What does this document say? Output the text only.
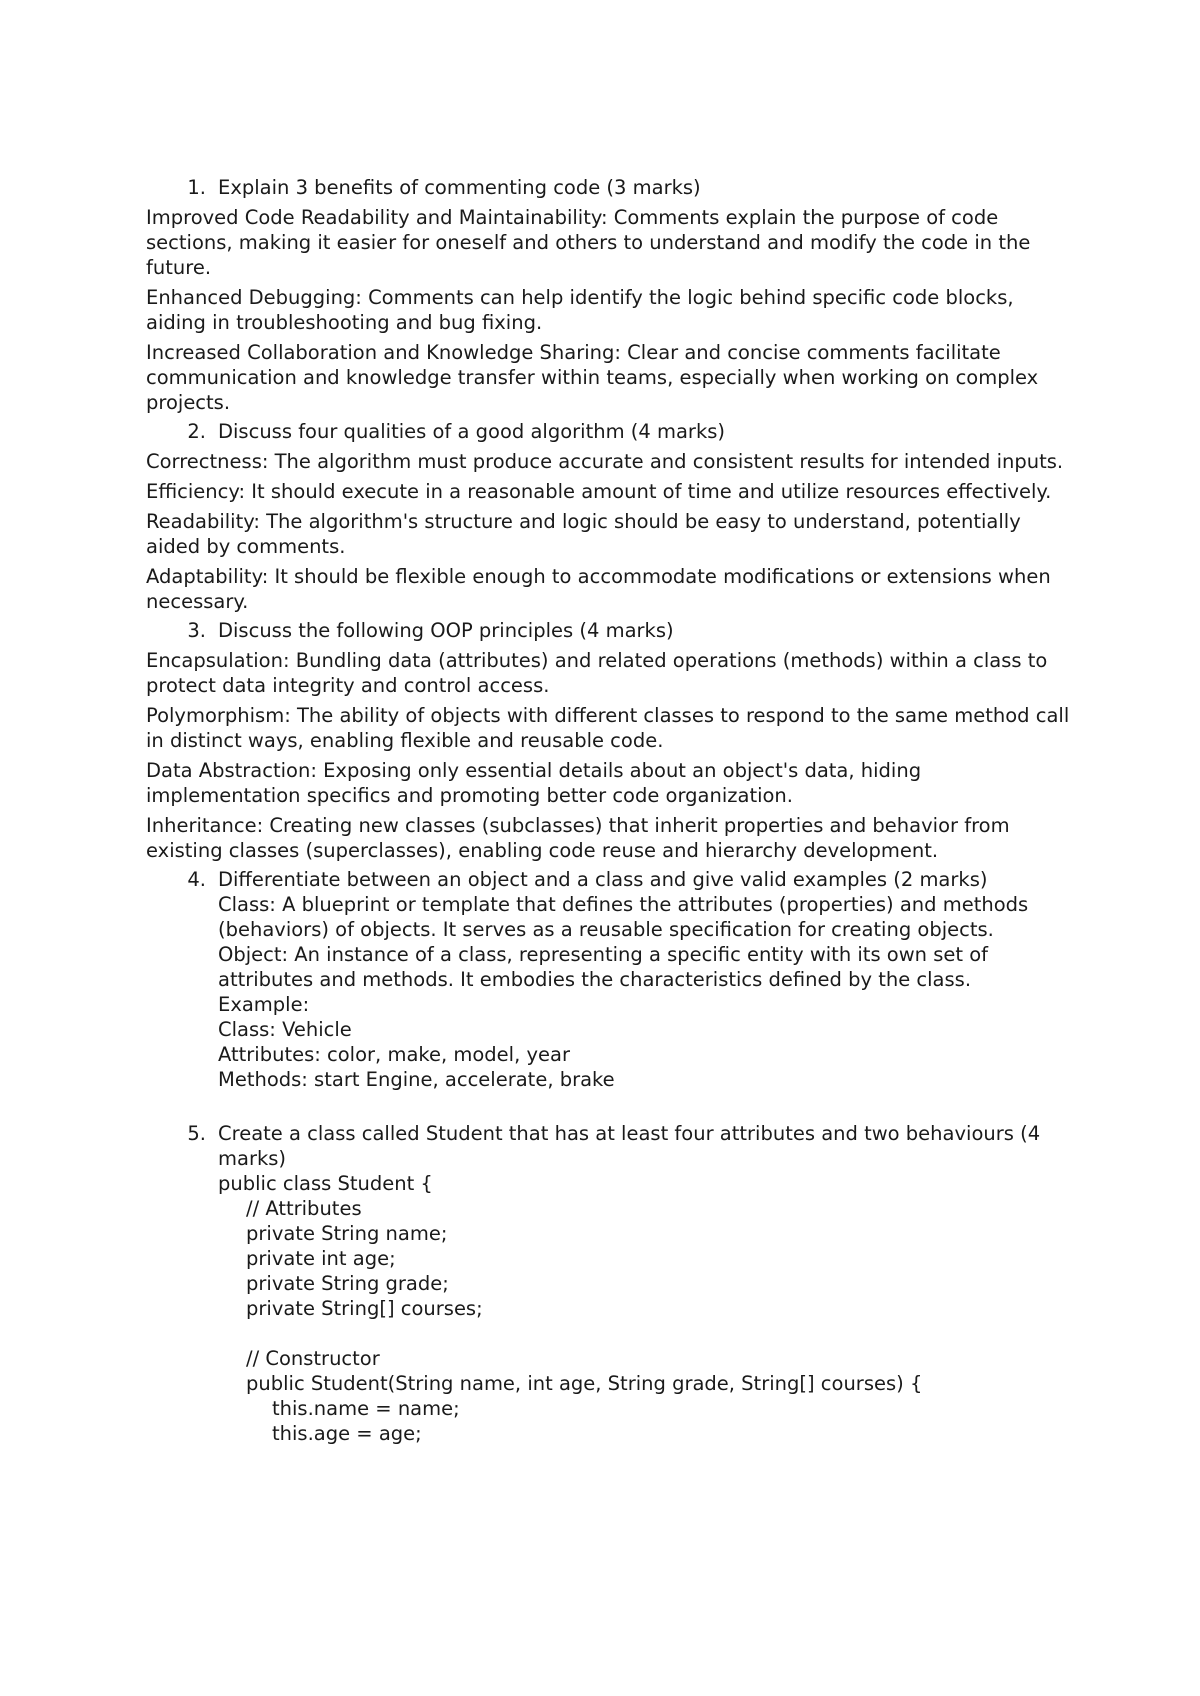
1. Explain 3 benefits of commenting code (3 marks)
Improved Code Readability and Maintainability: Comments explain the purpose of code sections, making it easier for oneself and others to understand and modify the code in the future.
Enhanced Debugging: Comments can help identify the logic behind specific code blocks, aiding in troubleshooting and bug fixing.
Increased Collaboration and Knowledge Sharing: Clear and concise comments facilitate communication and knowledge transfer within teams, especially when working on complex projects.
2. Discuss four qualities of a good algorithm (4 marks)
Correctness: The algorithm must produce accurate and consistent results for intended inputs.
Efficiency: It should execute in a reasonable amount of time and utilize resources effectively.
Readability: The algorithm's structure and logic should be easy to understand, potentially aided by comments.
Adaptability: It should be flexible enough to accommodate modifications or extensions when necessary.
3. Discuss the following OOP principles (4 marks)
Encapsulation: Bundling data (attributes) and related operations (methods) within a class to protect data integrity and control access.
Polymorphism: The ability of objects with different classes to respond to the same method call in distinct ways, enabling flexible and reusable code.
Data Abstraction: Exposing only essential details about an object's data, hiding implementation specifics and promoting better code organization.
Inheritance: Creating new classes (subclasses) that inherit properties and behavior from existing classes (superclasses), enabling code reuse and hierarchy development.
4. Differentiate between an object and a class and give valid examples (2 marks)
Class: A blueprint or template that defines the attributes (properties) and methods (behaviors) of objects. It serves as a reusable specification for creating objects.
Object: An instance of a class, representing a specific entity with its own set of attributes and methods. It embodies the characteristics defined by the class.
Example:
Class: Vehicle
Attributes: color, make, model, year
Methods: start Engine, accelerate, brake
5. Create a class called Student that has at least four attributes and two behaviours (4 marks)
public class Student {
// Attributes
private String name;
private int age;
private String grade;
private String[] courses;
// Constructor
public Student(String name, int age, String grade, String[] courses) {
this.name = name;
this.age = age;
